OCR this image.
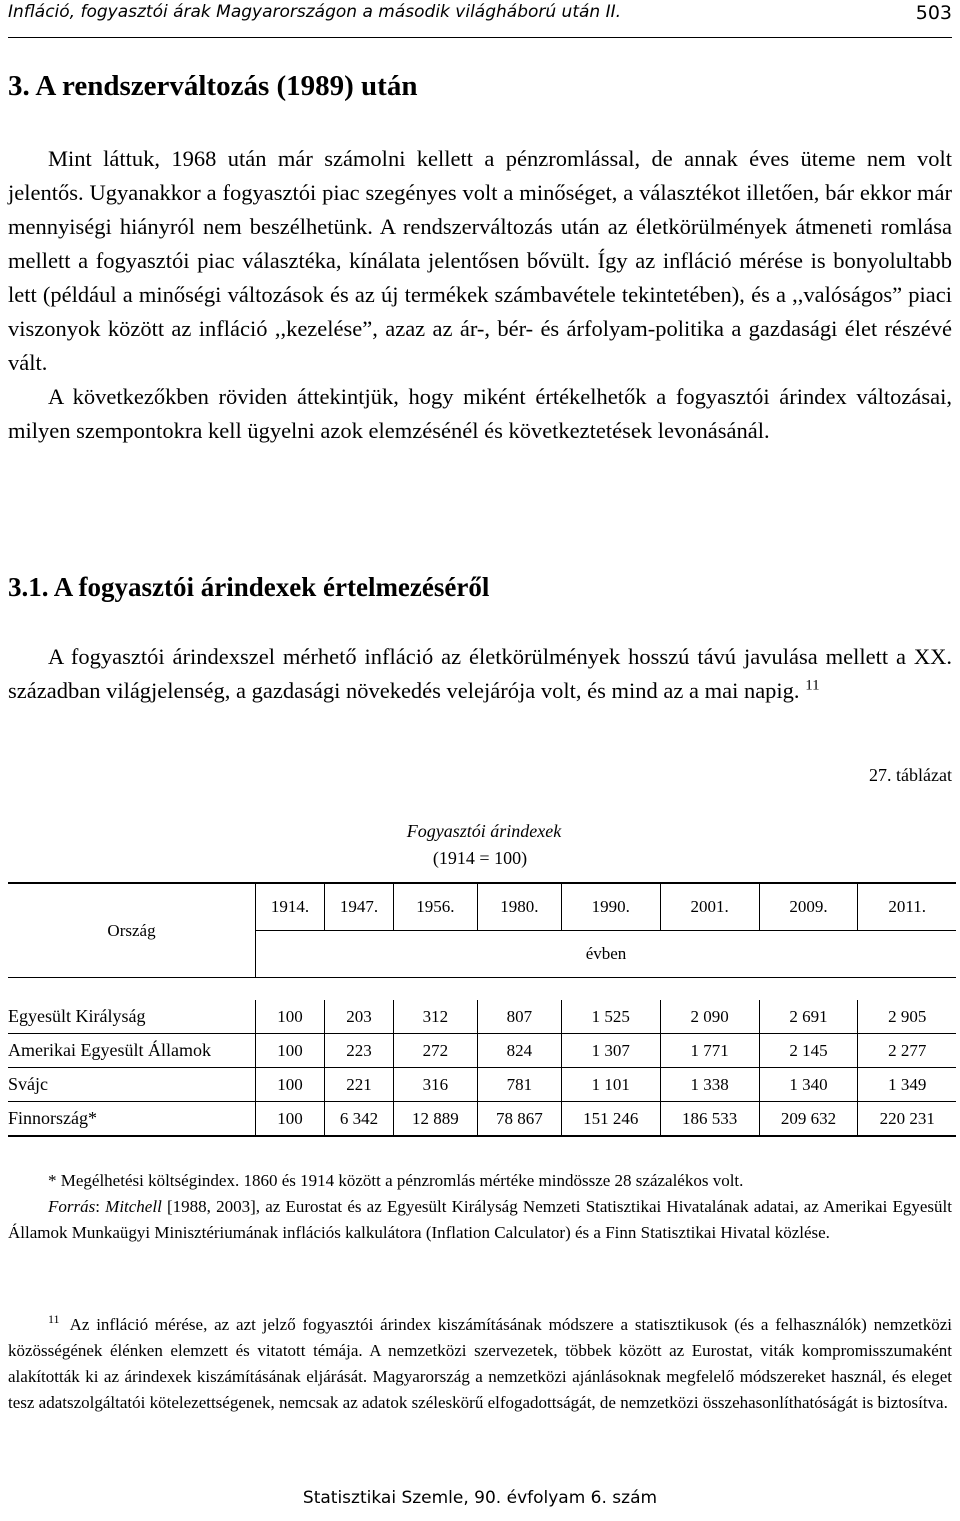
Infláció, fogyasztói árak Magyarországon a második világháború után II.	503
3. A rendszerváltozás (1989) után

Mint láttuk, 1968 után már számolni kellett a pénzromlással, de annak éves üteme nem volt jelentős. Ugyanakkor a fogyasztói piac szegényes volt a minőséget, a választékot illetően, bár ekkor már mennyiségi hiányról nem beszélhetünk. A rendszerváltozás után az életkörülmények átmeneti romlása mellett a fogyasztói piac választéka, kínálata jelentősen bővült. Így az infláció mérése is bonyolultabb lett (például a minőségi változások és az új termékek számbavétele tekintetében), és a ,,valóságos” piaci viszonyok között az infláció ,,kezelése”, azaz az ár-, bér- és árfolyam-politika a gazdasági élet részévé vált.

A következőkben röviden áttekintjük, hogy miként értékelhetők a fogyasztói árindex változásai, milyen szempontokra kell ügyelni azok elemzésénél és következtetések levonásánál.

3.1. A fogyasztói árindexek értelmezéséről

A fogyasztói árindexszel mérhető infláció az életkörülmények hosszú távú javulása mellett a XX. században világjelenség, a gazdasági növekedés velejárója volt, és mind az a mai napig. $^{11}$

27. táblázat
Fogyasztói árindexek
(1914 = 100)
Ország	1914.	1947.	1956.	1980.	1990.	2001.	2009.	2011.
	évben							

Egyesült Királyság	100	203	312	807	1 525	2 090	2 691	2 905
Amerikai Egyesült Államok	100	223	272	824	1 307	1 771	2 145	2 277
Svájc	100	221	316	781	1 101	1 338	1 340	1 349
Finnország*	100	6 342	12 889	78 867	151 246	186 533	209 632	220 231

* Megélhetési költségindex. 1860 és 1914 között a pénzromlás mértéke mindössze 28 százalékos volt.

Forrás: Mitchell [1988, 2003], az Eurostat és az Egyesült Királyság Nemzeti Statisztikai Hivatalának adatai, az Amerikai Egyesült Államok Munkaügyi Minisztériumának inflációs kalkulátora (Inflation Calculator) és a Finn Statisztikai Hivatal közlése.

$^{11}$ Az infláció mérése, az azt jelző fogyasztói árindex kiszámításának módszere a statisztikusok (és a felhasználók) nemzetközi közösségének élénken elemzett és vitatott témája. A nemzetközi szervezetek, többek között az Eurostat, viták kompromisszumaként alakították ki az árindexek kiszámításának eljárását. Magyarország a nemzetközi ajánlásoknak megfelelő módszereket használ, és eleget tesz adatszolgáltatói kötelezettségenek, nemcsak az adatok széleskörű elfogadottságát, de nemzetközi összehasonlíthatóságát is biztosítva.

Statisztikai Szemle, 90. évfolyam 6. szám
